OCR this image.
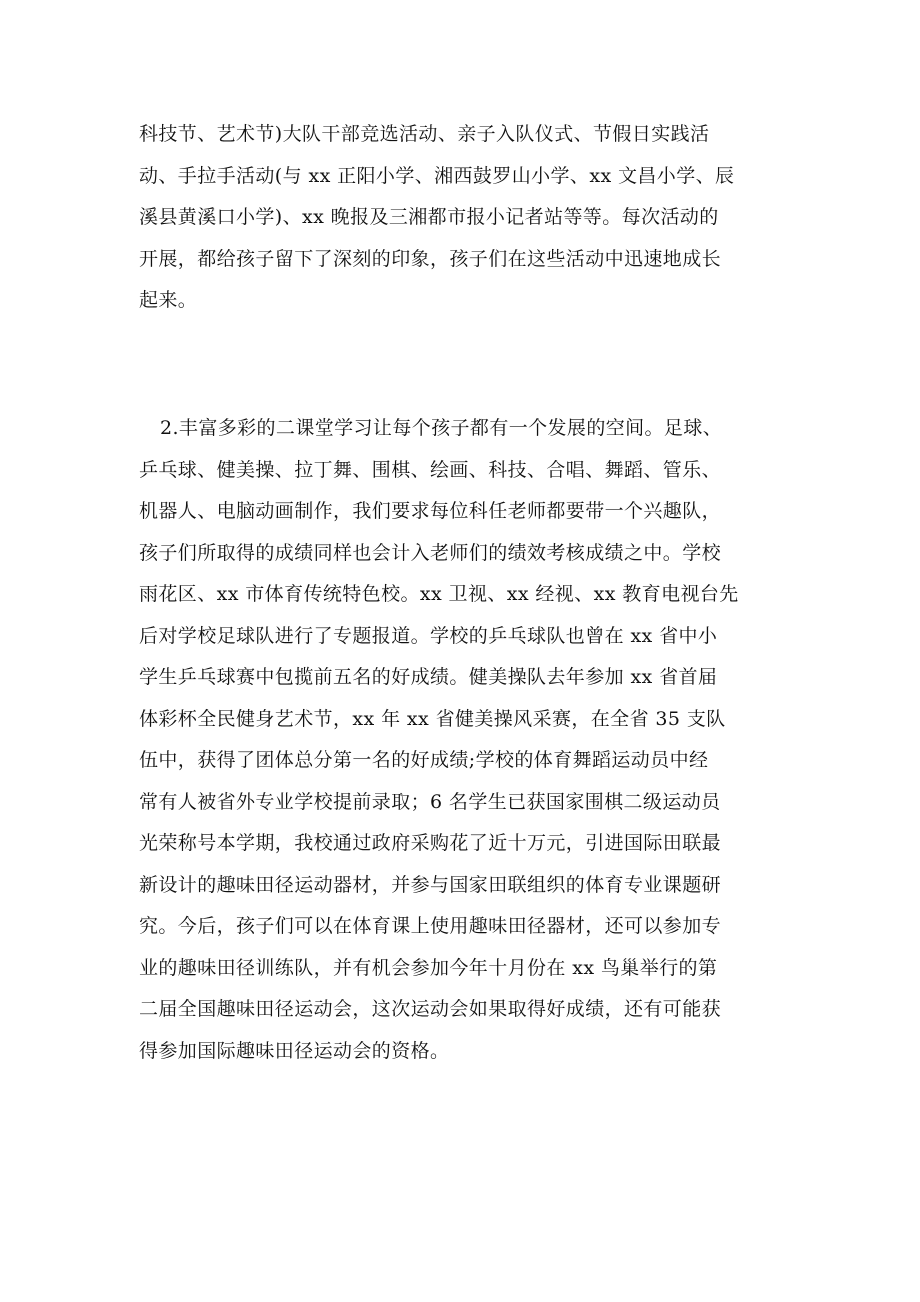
科技节、艺术节)大队干部竞选活动、亲子入队仪式、节假日实践活
动、手拉手活动(与 xx 正阳小学、湘西鼓罗山小学、xx 文昌小学、辰
溪县黄溪口小学)、xx 晚报及三湘都市报小记者站等等。每次活动的
开展，都给孩子留下了深刻的印象，孩子们在这些活动中迅速地成长
起来。
2.丰富多彩的二课堂学习让每个孩子都有一个发展的空间。足球、
乒乓球、健美操、拉丁舞、围棋、绘画、科技、合唱、舞蹈、管乐、
机器人、电脑动画制作，我们要求每位科任老师都要带一个兴趣队，
孩子们所取得的成绩同样也会计入老师们的绩效考核成绩之中。学校
雨花区、xx 市体育传统特色校。xx 卫视、xx 经视、xx 教育电视台先
后对学校足球队进行了专题报道。学校的乒乓球队也曾在 xx 省中小
学生乒乓球赛中包揽前五名的好成绩。健美操队去年参加 xx 省首届
体彩杯全民健身艺术节，xx 年 xx 省健美操风采赛，在全省 35 支队
伍中，获得了团体总分第一名的好成绩;学校的体育舞蹈运动员中经
常有人被省外专业学校提前录取；6 名学生已获国家围棋二级运动员
光荣称号本学期，我校通过政府采购花了近十万元，引进国际田联最
新设计的趣味田径运动器材，并参与国家田联组织的体育专业课题研
究。今后，孩子们可以在体育课上使用趣味田径器材，还可以参加专
业的趣味田径训练队，并有机会参加今年十月份在 xx 鸟巢举行的第
二届全国趣味田径运动会，这次运动会如果取得好成绩，还有可能获
得参加国际趣味田径运动会的资格。
